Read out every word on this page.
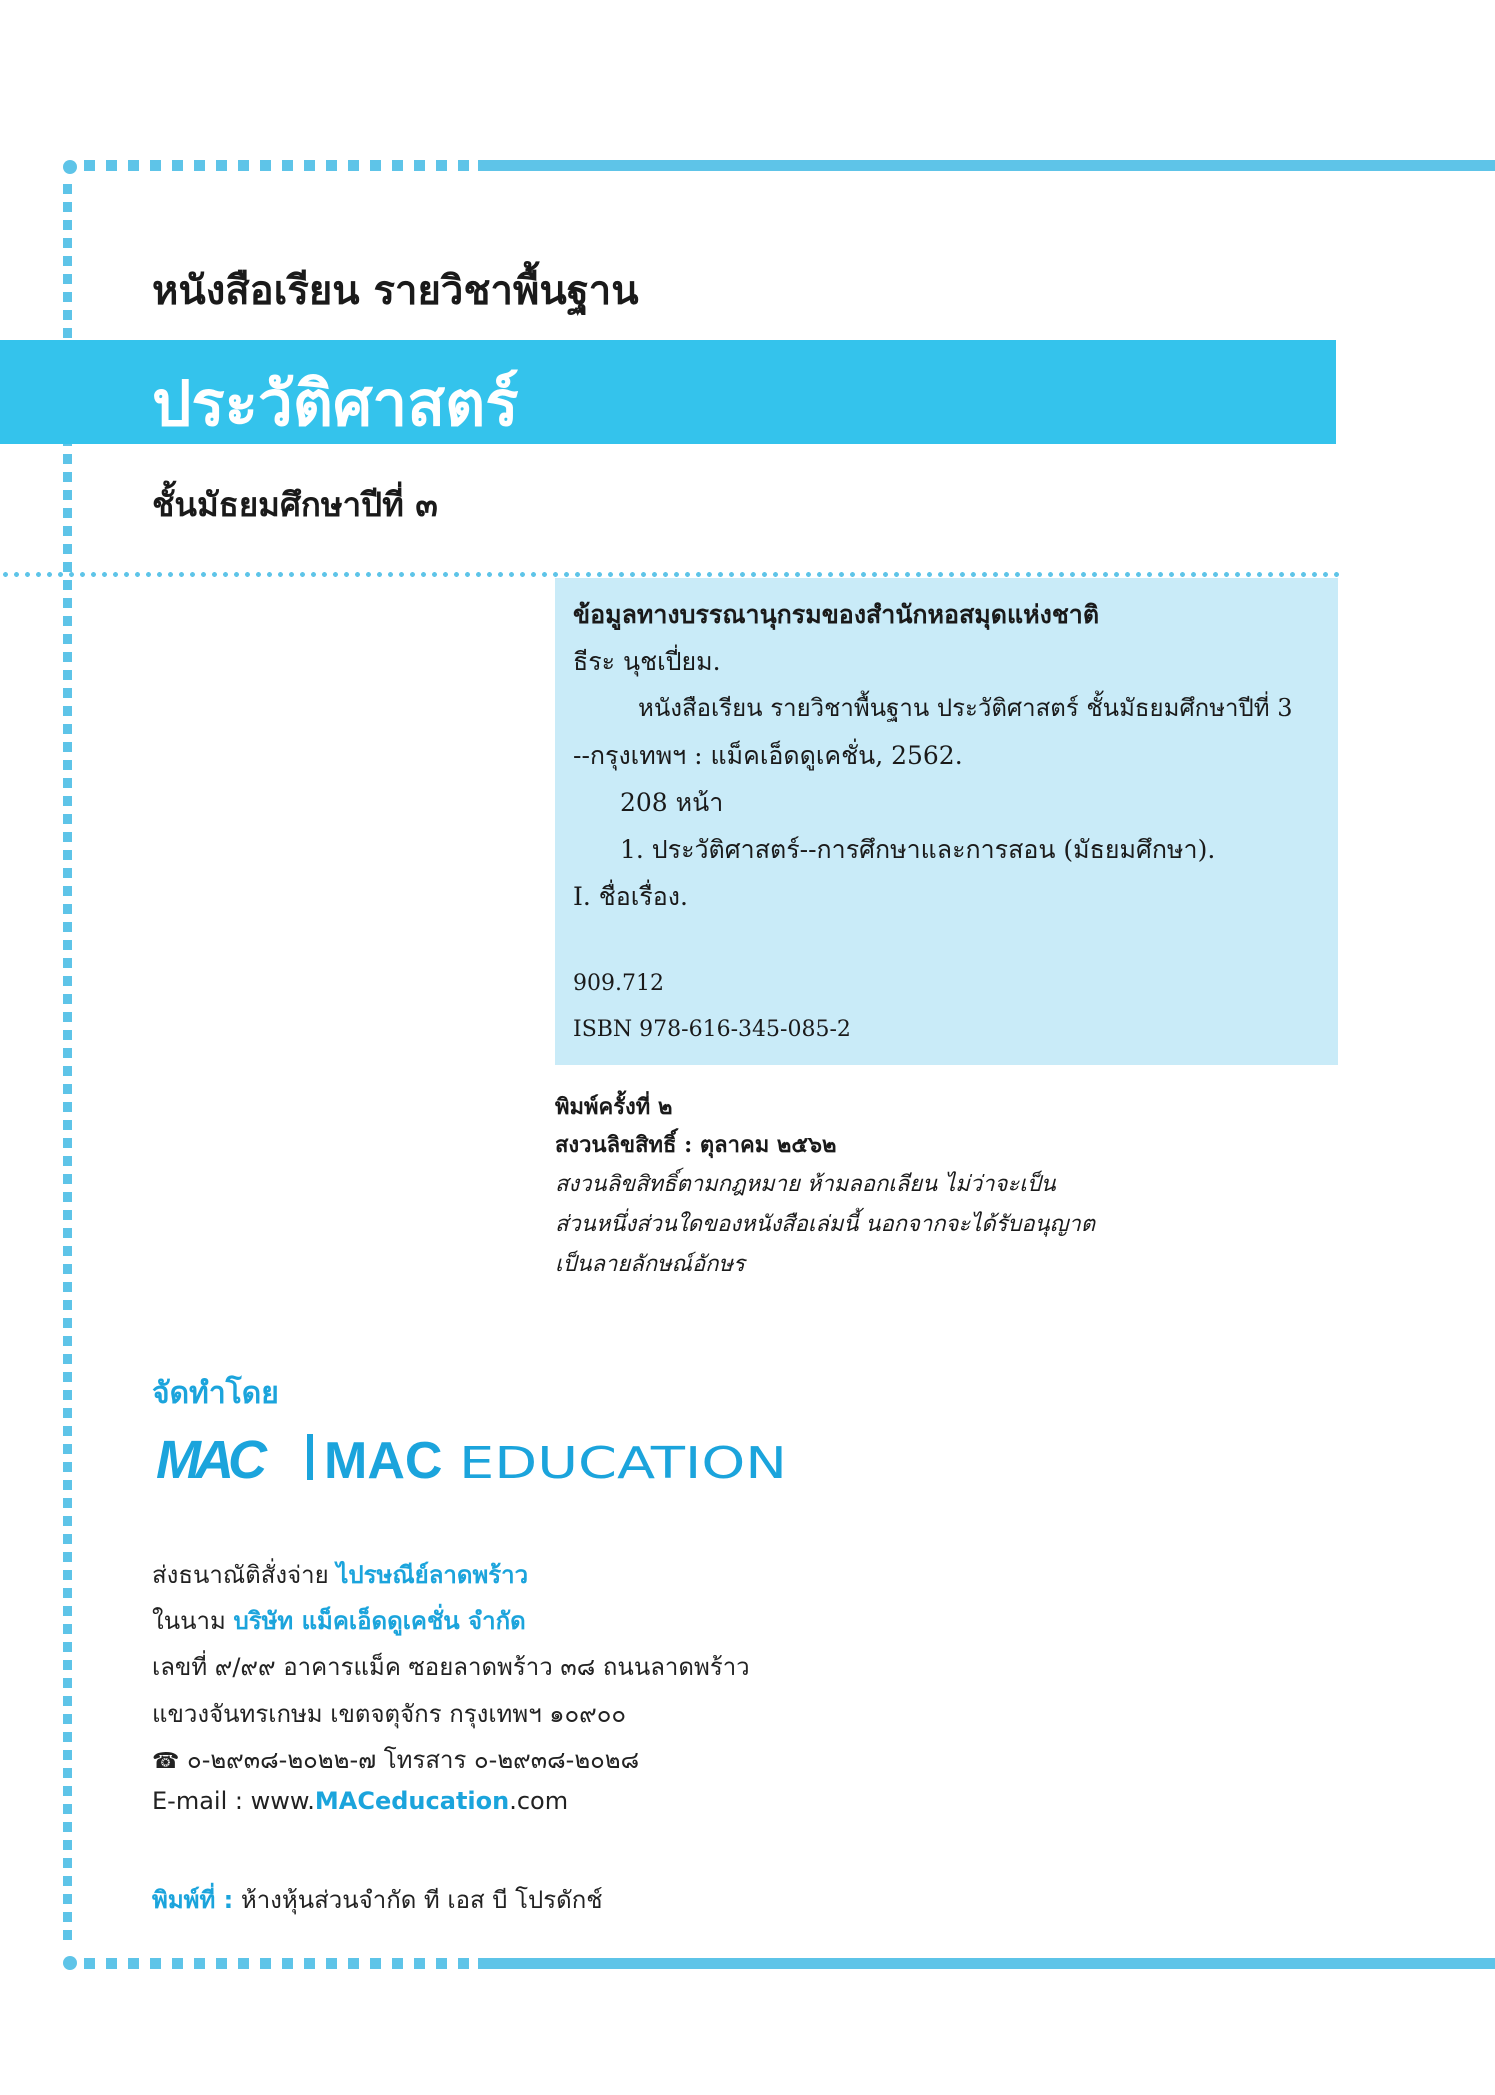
หนังสือเรียน รายวิชาพื้นฐาน
ประวัติศาสตร์
ชั้นมัธยมศึกษาปีที่ ๓
ข้อมูลทางบรรณานุกรมของสำนักหอสมุดแห่งชาติ
ธีระ นุชเปี่ยม.
หนังสือเรียน รายวิชาพื้นฐาน ประวัติศาสตร์ ชั้นมัธยมศึกษาปีที่ 3
--กรุงเทพฯ : แม็คเอ็ดดูเคชั่น, 2562.
208 หน้า
1. ประวัติศาสตร์--การศึกษาและการสอน (มัธยมศึกษา).
I. ชื่อเรื่อง.
909.712
ISBN 978-616-345-085-2
พิมพ์ครั้งที่ ๒
สงวนลิขสิทธิ์ : ตุลาคม ๒๕๖๒
สงวนลิขสิทธิ์ตามกฎหมาย ห้ามลอกเลียน ไม่ว่าจะเป็น
ส่วนหนึ่งส่วนใดของหนังสือเล่มนี้ นอกจากจะได้รับอนุญาต
เป็นลายลักษณ์อักษร
จัดทำโดย
MAC MAC EDUCATION
ส่งธนาณัติสั่งจ่าย ไปรษณีย์ลาดพร้าว
ในนาม บริษัท แม็คเอ็ดดูเคชั่น จำกัด
เลขที่ ๙/๙๙ อาคารแม็ค ซอยลาดพร้าว ๓๘ ถนนลาดพร้าว
แขวงจันทรเกษม เขตจตุจักร กรุงเทพฯ ๑๐๙๐๐
☎ ๐-๒๙๓๘-๒๐๒๒-๗ โทรสาร ๐-๒๙๓๘-๒๐๒๘
E-mail : www.MACeducation.com
พิมพ์ที่ : ห้างหุ้นส่วนจำกัด ที เอส บี โปรดักช์
